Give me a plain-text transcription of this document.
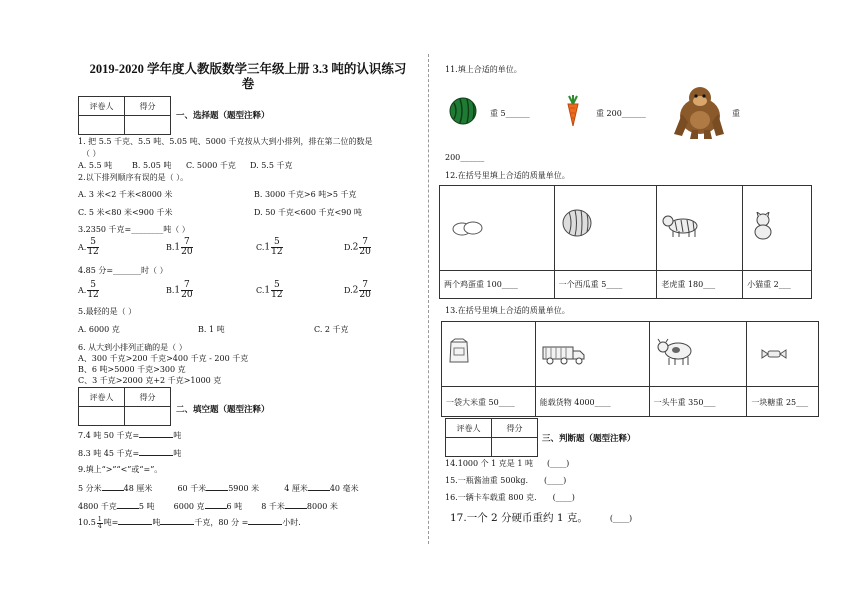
2019-2020 学年度人教版数学三年级上册 3.3 吨的认识练习
卷
评卷人	得分

一、选择题（题型注释）
1. 把 5.5 千克、5.5 吨、5.05 吨、5000 千克按从大到小排列，排在第二位的数是
（ ）
A. 5.5 吨 B. 5.05 吨 C. 5000 千克 D. 5.5 千克
2.以下排列顺序有误的是（ ）。
A. 3 米<2 千米<8000 米	B. 3000 千克>6 吨>5 千克
C. 5 米<80 米<900 千米	D. 50 千克<600 千克<90 吨
3.2350 千克=________吨（ ）
A. $\frac{5}{12}$	$B.1 \frac{7}{20}$	$C.1 \frac{5}{12}$	$D.2 \frac{7}{20}$
4.85 分=_______时（ ）
A. $\frac{5}{12}$	$B.1 \frac{7}{20}$	$C.1 \frac{5}{12}$	$D.2 \frac{7}{20}$
5.最轻的是（ ）
A. 6000 克	B. 1 吨	C. 2 千克
6. 从大到小排列正确的是（ ）
A、300 千克>200 千克>400 千克 - 200 千克
B、6 吨>5000 千克>300 克
C、3 千克>2000 克+2 千克>1000 克
评卷人	得分

二、填空题（题型注释）
7.4 吨 50 千克=	吨
8.3 吨 45 千克=	吨
9.填上“>”“<”或“=”。
5 分米	48 厘米	60 千米	5900 米	4 厘米	40 毫米
4800 千克	5 吨 6000 克	6 吨 8 千米	8000 米
$10.5 \frac{1}{4}$ 吨=	吨	千克，80 分 =	小时.
11.填上合适的单位。
重 5______	重 200______	重
200______
12.在括号里填上合适的质量单位。

两个鸡蛋重 100____	一个西瓜重 5____	老虎重 180___	小猫重 2___
13.在括号里填上合适的质量单位。

一袋大米重 50____	能载货物 4000____	一头牛重 350___	一块糖重 25___
评卷人	得分

三、判断题（题型注释）
14.1000 个 1 克是 1 吨 (____)
15.一瓶酱油重 500kg. (____)
16.一辆卡车载重 800 克. (____)
17.一个 2 分硬币重约 1 克。	(____)
